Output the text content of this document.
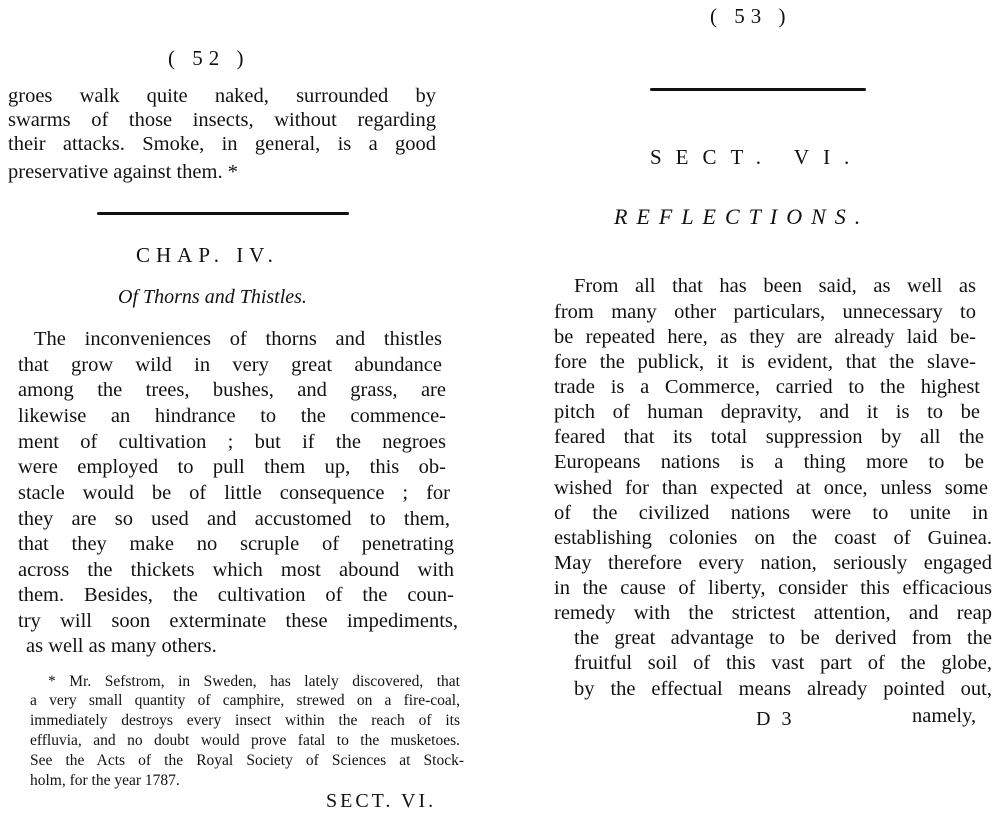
( 52 )
groes walk quite naked, surrounded by
swarms of those insects, without regarding
their attacks. Smoke, in general, is a good
preservative against them. *
CHAP. IV.
Of Thorns and Thistles.
The inconveniences of thorns and thistles
that grow wild in very great abundance
among the trees, bushes, and grass, are
likewise an hindrance to the commence-
ment of cultivation ; but if the negroes
were employed to pull them up, this ob-
stacle would be of little consequence ; for
they are so used and accustomed to them,
that they make no scruple of penetrating
across the thickets which most abound with
them. Besides, the cultivation of the coun-
try will soon exterminate these impediments,
as well as many others.
* Mr. Sefstrom, in Sweden, has lately discovered, that
a very small quantity of camphire, strewed on a fire-coal,
immediately destroys every insect within the reach of its
effluvia, and no doubt would prove fatal to the musketoes.
See the Acts of the Royal Society of Sciences at Stock-
holm, for the year 1787.
SECT. VI.
( 53 )
SECT. VI.
REFLECTIONS.
From all that has been said, as well as
from many other particulars, unnecessary to
be repeated here, as they are already laid be-
fore the publick, it is evident, that the slave-
trade is a Commerce, carried to the highest
pitch of human depravity, and it is to be
feared that its total suppression by all the
Europeans nations is a thing more to be
wished for than expected at once, unless some
of the civilized nations were to unite in
establishing colonies on the coast of Guinea.
May therefore every nation, seriously engaged
in the cause of liberty, consider this efficacious
remedy with the strictest attention, and reap
the great advantage to be derived from the
fruitful soil of this vast part of the globe,
by the effectual means already pointed out,
D 3	namely,
